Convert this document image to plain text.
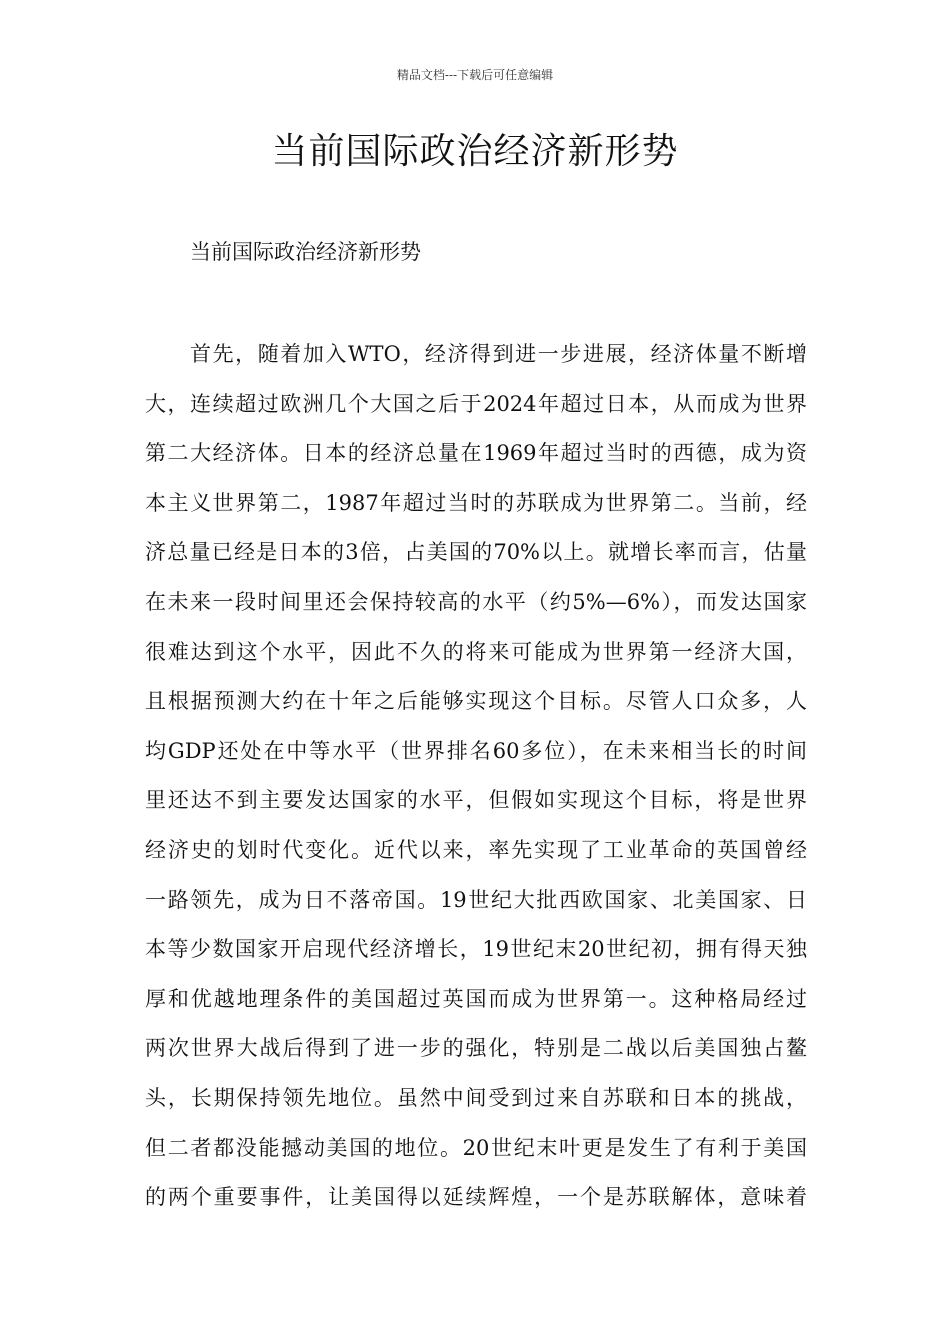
精品文档---下载后可任意编辑
当前国际政治经济新形势
当前国际政治经济新形势
首先，随着加入WTO，经济得到进一步进展，经济体量不断增
大，连续超过欧洲几个大国之后于2024年超过日本，从而成为世界
第二大经济体。日本的经济总量在1969年超过当时的西德，成为资
本主义世界第二，1987年超过当时的苏联成为世界第二。当前，经
济总量已经是日本的3倍，占美国的70%以上。就增长率而言，估量
在未来一段时间里还会保持较高的水平（约5%—6%），而发达国家
很难达到这个水平，因此不久的将来可能成为世界第一经济大国，
且根据预测大约在十年之后能够实现这个目标。尽管人口众多，人
均GDP还处在中等水平（世界排名60多位），在未来相当长的时间
里还达不到主要发达国家的水平，但假如实现这个目标，将是世界
经济史的划时代变化。近代以来，率先实现了工业革命的英国曾经
一路领先，成为日不落帝国。19世纪大批西欧国家、北美国家、日
本等少数国家开启现代经济增长，19世纪末20世纪初，拥有得天独
厚和优越地理条件的美国超过英国而成为世界第一。这种格局经过
两次世界大战后得到了进一步的强化，特别是二战以后美国独占鳌
头，长期保持领先地位。虽然中间受到过来自苏联和日本的挑战，
但二者都没能撼动美国的地位。20世纪末叶更是发生了有利于美国
的两个重要事件，让美国得以延续辉煌，一个是苏联解体，意味着
